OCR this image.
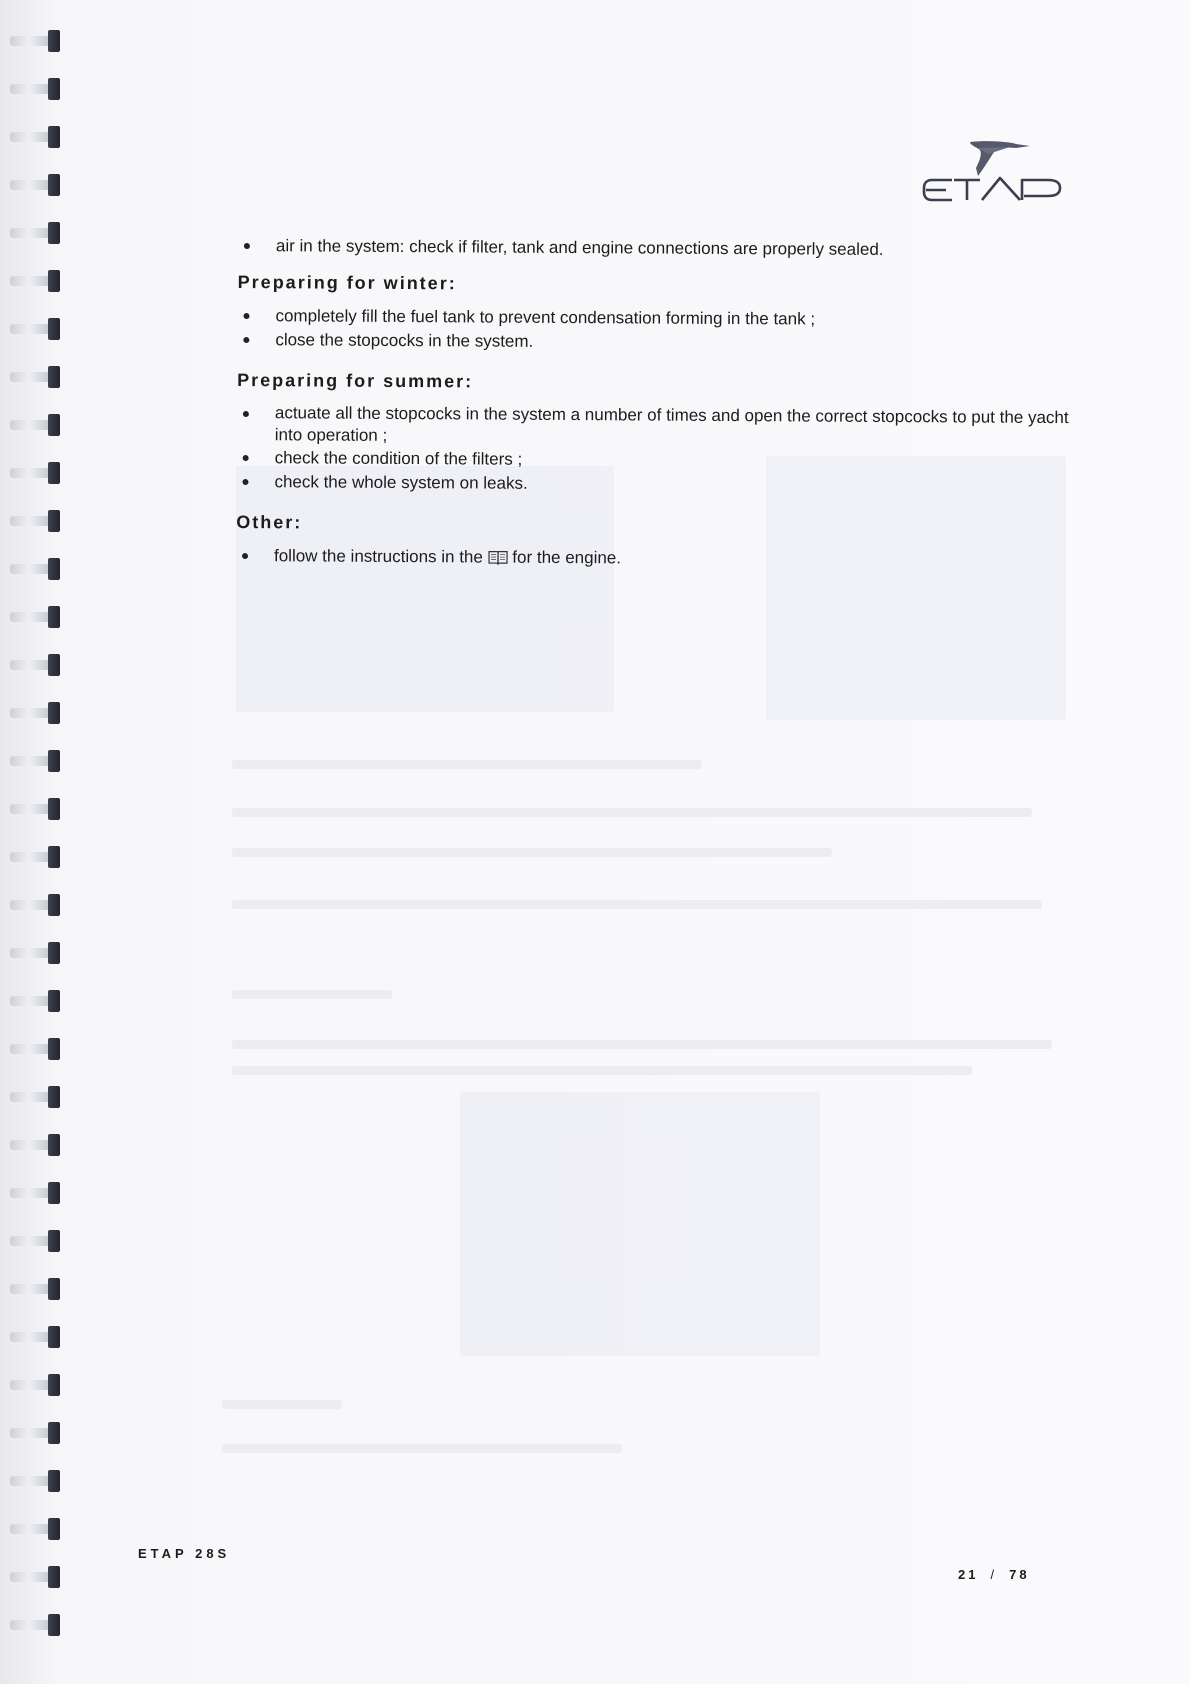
air in the system: check if filter, tank and engine connections are properly sealed.
Preparing for winter:
completely fill the fuel tank to prevent condensation forming in the tank ;
close the stopcocks in the system.
Preparing for summer:
actuate all the stopcocks in the system a number of times and open the correct stopcocks to put the yacht into operation ;
check the condition of the filters ;
check the whole system on leaks.
Other:
follow the instructions in the  for the engine.
ETAP 28S
21 / 78
